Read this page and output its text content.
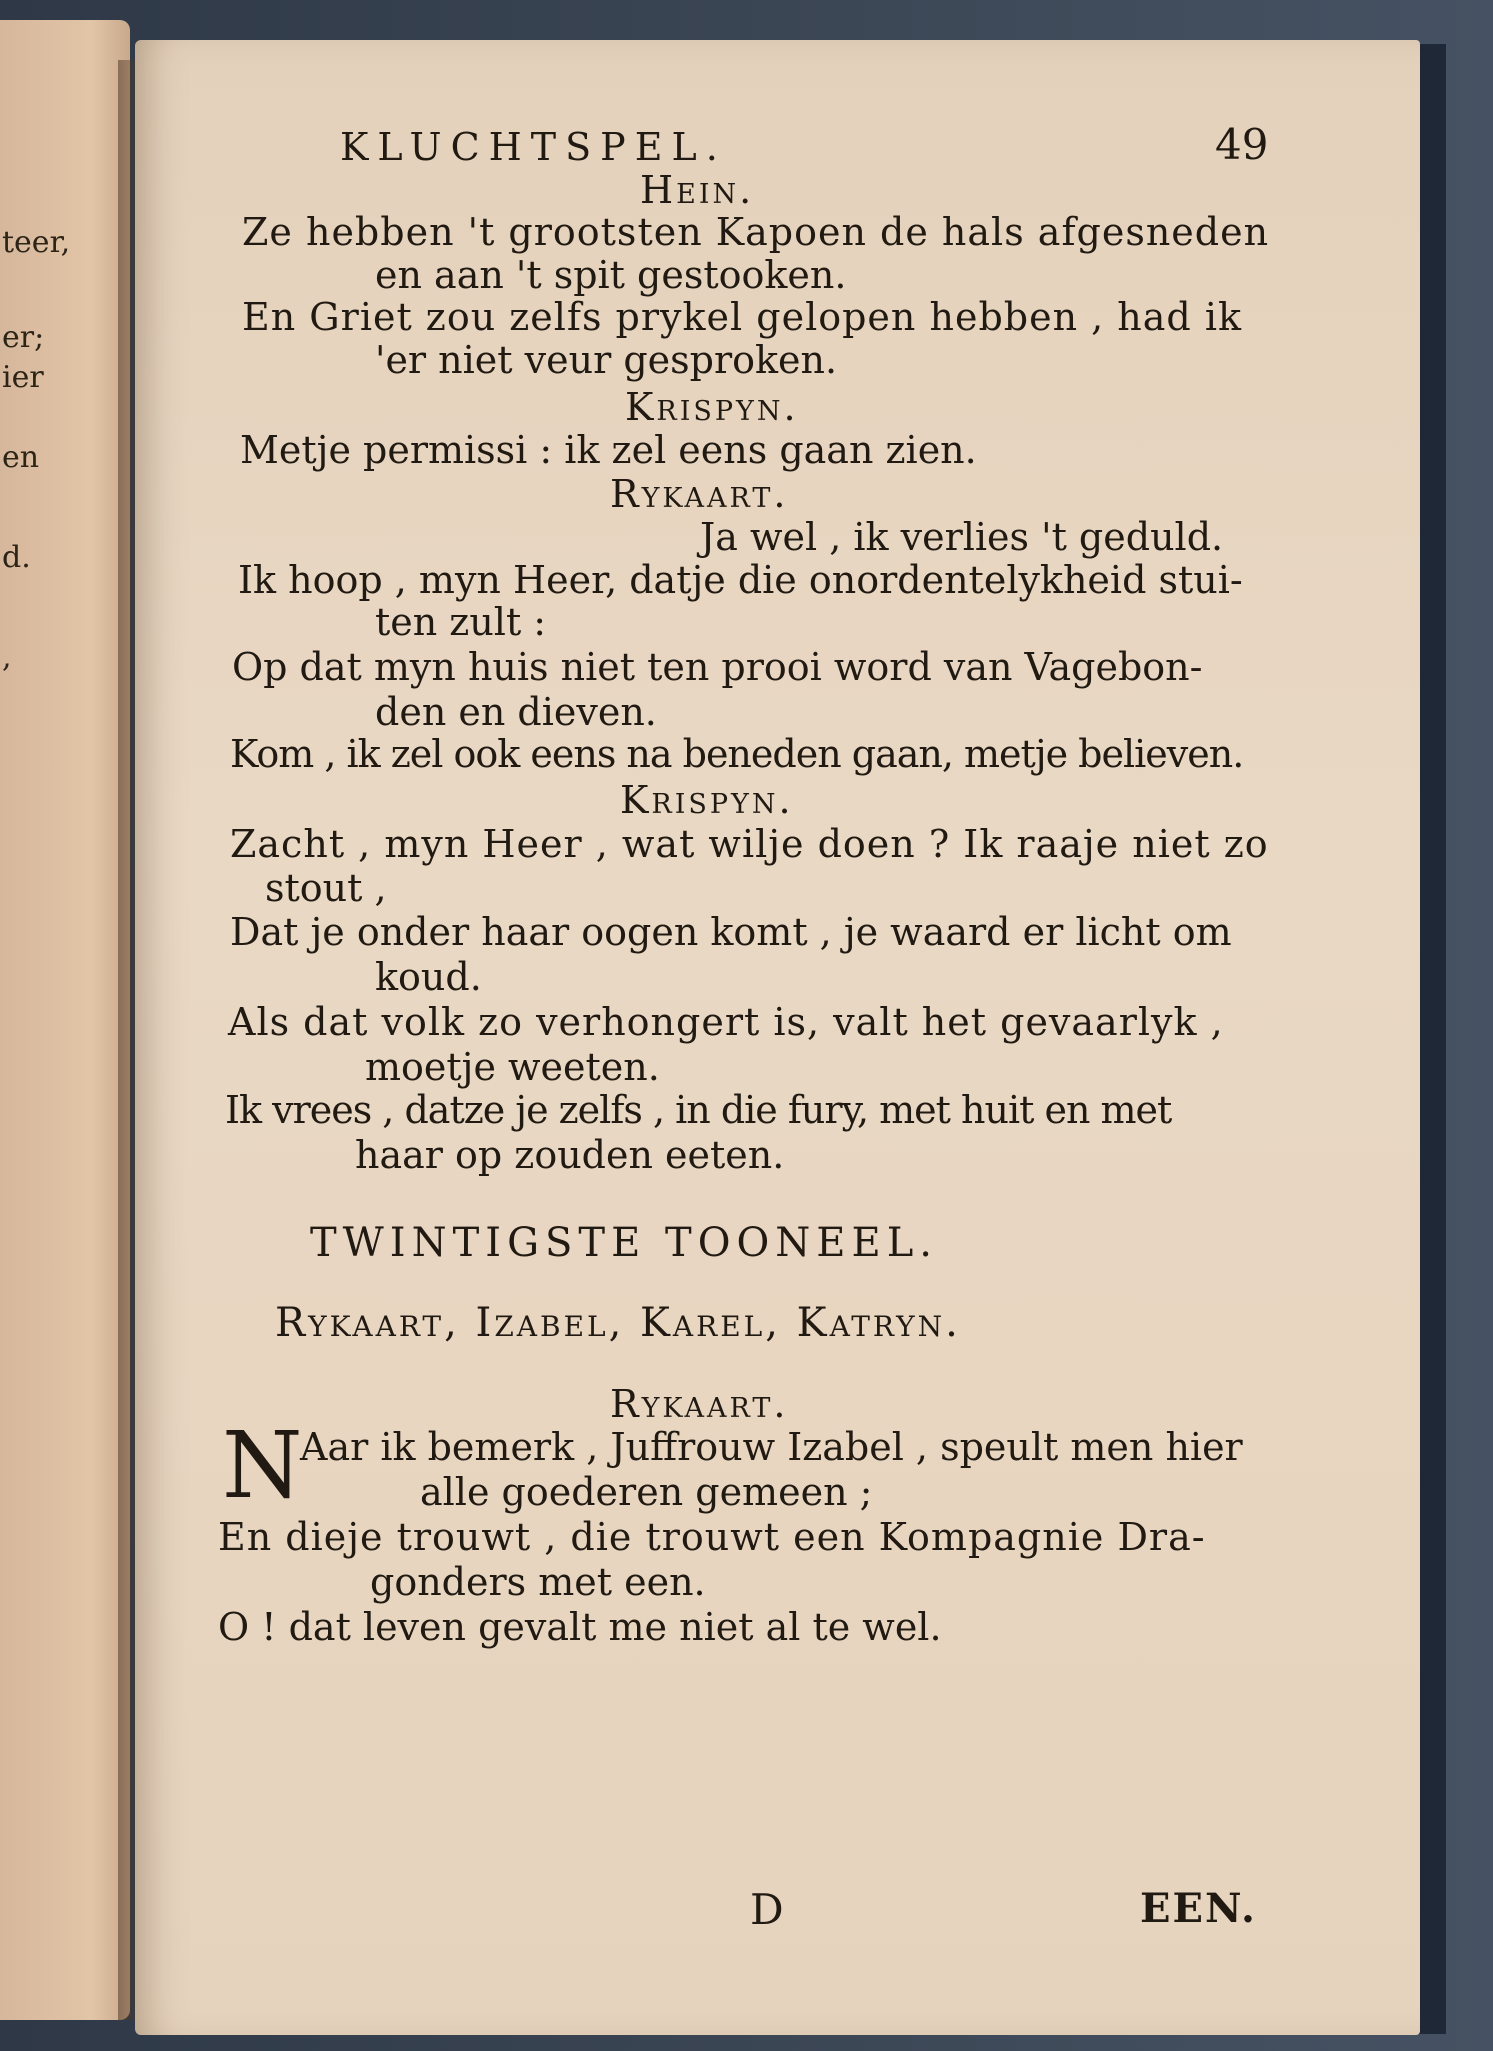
teer,
er;
ier
en
d.
,
KLUCHTSPEL.	49
Hein.
Ze hebben 't grootsten Kapoen de hals afgesneden
en aan 't spit gestooken.
En Griet zou zelfs prykel gelopen hebben , had ik
'er niet veur gesproken.
Krispyn.
Metje permissi : ik zel eens gaan zien.
Rykaart.
Ja wel , ik verlies 't geduld.
Ik hoop , myn Heer, datje die onordentelykheid stui-
ten zult :
Op dat myn huis niet ten prooi word van Vagebon-
den en dieven.
Kom , ik zel ook eens na beneden gaan, metje believen.
Krispyn.
Zacht , myn Heer , wat wilje doen ? Ik raaje niet zo
stout ,
Dat je onder haar oogen komt , je waard er licht om
koud.
Als dat volk zo verhongert is, valt het gevaarlyk ,
moetje weeten.
Ik vrees , datze je zelfs , in die fury, met huit en met
haar op zouden eeten.
TWINTIGSTE TOONEEL.
Rykaart, Izabel, Karel, Katryn.
Rykaart.
N
Aar ik bemerk , Juffrouw Izabel , speult men hier
alle goederen gemeen ;
En dieje trouwt , die trouwt een Kompagnie Dra-
gonders met een.
O ! dat leven gevalt me niet al te wel.
D	EEN.
